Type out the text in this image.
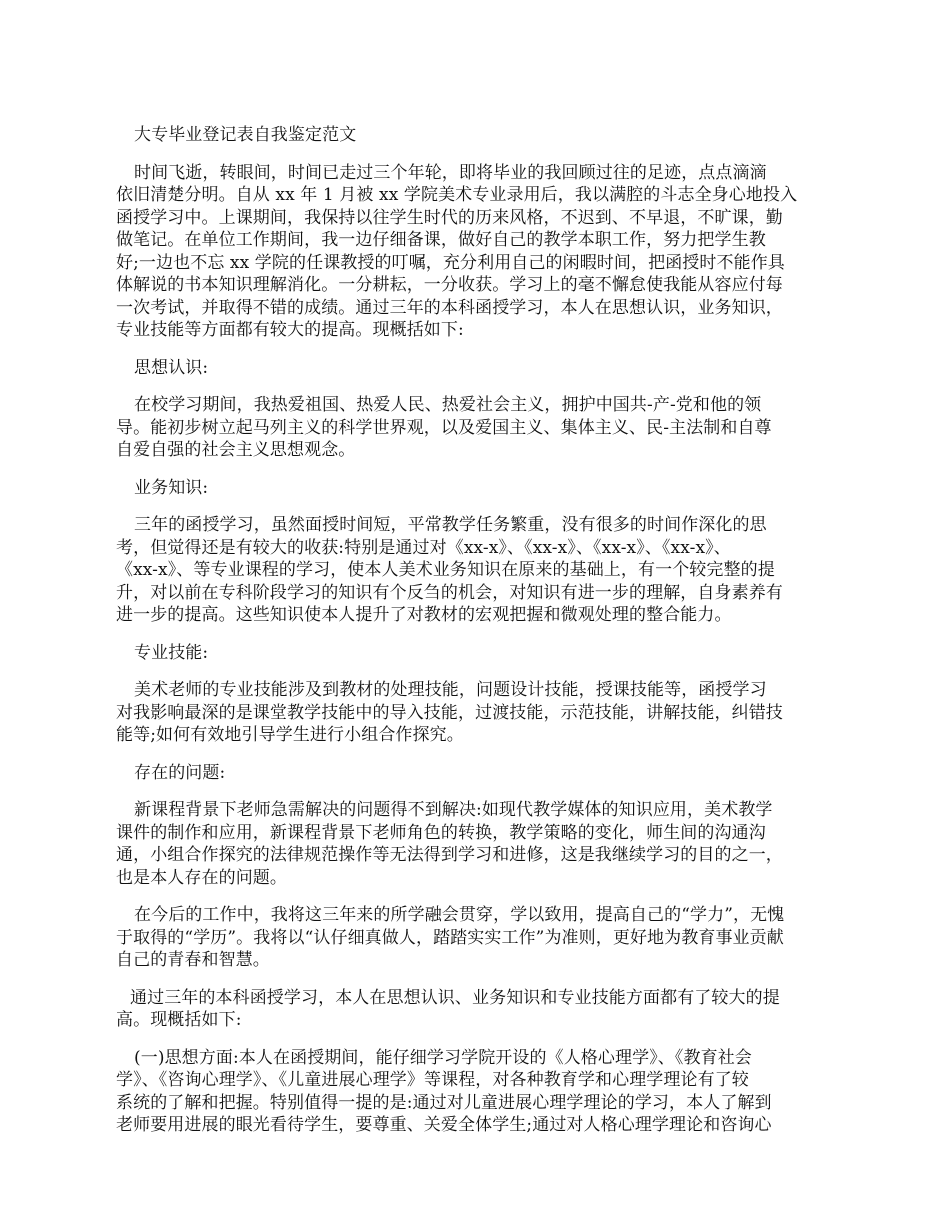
大专毕业登记表自我鉴定范文
时间飞逝，转眼间，时间已走过三个年轮，即将毕业的我回顾过往的足迹，点点滴滴
依旧清楚分明。自从 xx 年 1 月被 xx 学院美术专业录用后，我以满腔的斗志全身心地投入
函授学习中。上课期间，我保持以往学生时代的历来风格，不迟到、不早退，不旷课，勤
做笔记。在单位工作期间，我一边仔细备课，做好自己的教学本职工作，努力把学生教
好;一边也不忘 xx 学院的任课教授的叮嘱，充分利用自己的闲暇时间，把函授时不能作具
体解说的书本知识理解消化。一分耕耘，一分收获。学习上的毫不懈怠使我能从容应付每
一次考试，并取得不错的成绩。通过三年的本科函授学习，本人在思想认识，业务知识，
专业技能等方面都有较大的提高。现概括如下:
思想认识:
在校学习期间，我热爱祖国、热爱人民、热爱社会主义，拥护中国共-产-党和他的领
导。能初步树立起马列主义的科学世界观，以及爱国主义、集体主义、民-主法制和自尊
自爱自强的社会主义思想观念。
业务知识:
三年的函授学习，虽然面授时间短，平常教学任务繁重，没有很多的时间作深化的思
考，但觉得还是有较大的收获:特别是通过对《xx-x》、《xx-x》、《xx-x》、《xx-x》、
《xx-x》、等专业课程的学习，使本人美术业务知识在原来的基础上，有一个较完整的提
升，对以前在专科阶段学习的知识有个反刍的机会，对知识有进一步的理解，自身素养有
进一步的提高。这些知识使本人提升了对教材的宏观把握和微观处理的整合能力。
专业技能:
美术老师的专业技能涉及到教材的处理技能，问题设计技能，授课技能等，函授学习
对我影响最深的是课堂教学技能中的导入技能，过渡技能，示范技能，讲解技能，纠错技
能等;如何有效地引导学生进行小组合作探究。
存在的问题:
新课程背景下老师急需解决的问题得不到解决:如现代教学媒体的知识应用，美术教学
课件的制作和应用，新课程背景下老师角色的转换，教学策略的变化，师生间的沟通沟
通，小组合作探究的法律规范操作等无法得到学习和进修，这是我继续学习的目的之一，
也是本人存在的问题。
在今后的工作中，我将这三年来的所学融会贯穿，学以致用，提高自己的“学力”，无愧
于取得的“学历”。我将以“认仔细真做人，踏踏实实工作”为准则，更好地为教育事业贡献
自己的青春和智慧。
通过三年的本科函授学习，本人在思想认识、业务知识和专业技能方面都有了较大的提
高。现概括如下:
(一)思想方面:本人在函授期间，能仔细学习学院开设的《人格心理学》、《教育社会
学》、《咨询心理学》、《儿童进展心理学》等课程，对各种教育学和心理学理论有了较
系统的了解和把握。特别值得一提的是:通过对儿童进展心理学理论的学习，本人了解到
老师要用进展的眼光看待学生，要尊重、关爱全体学生;通过对人格心理学理论和咨询心
